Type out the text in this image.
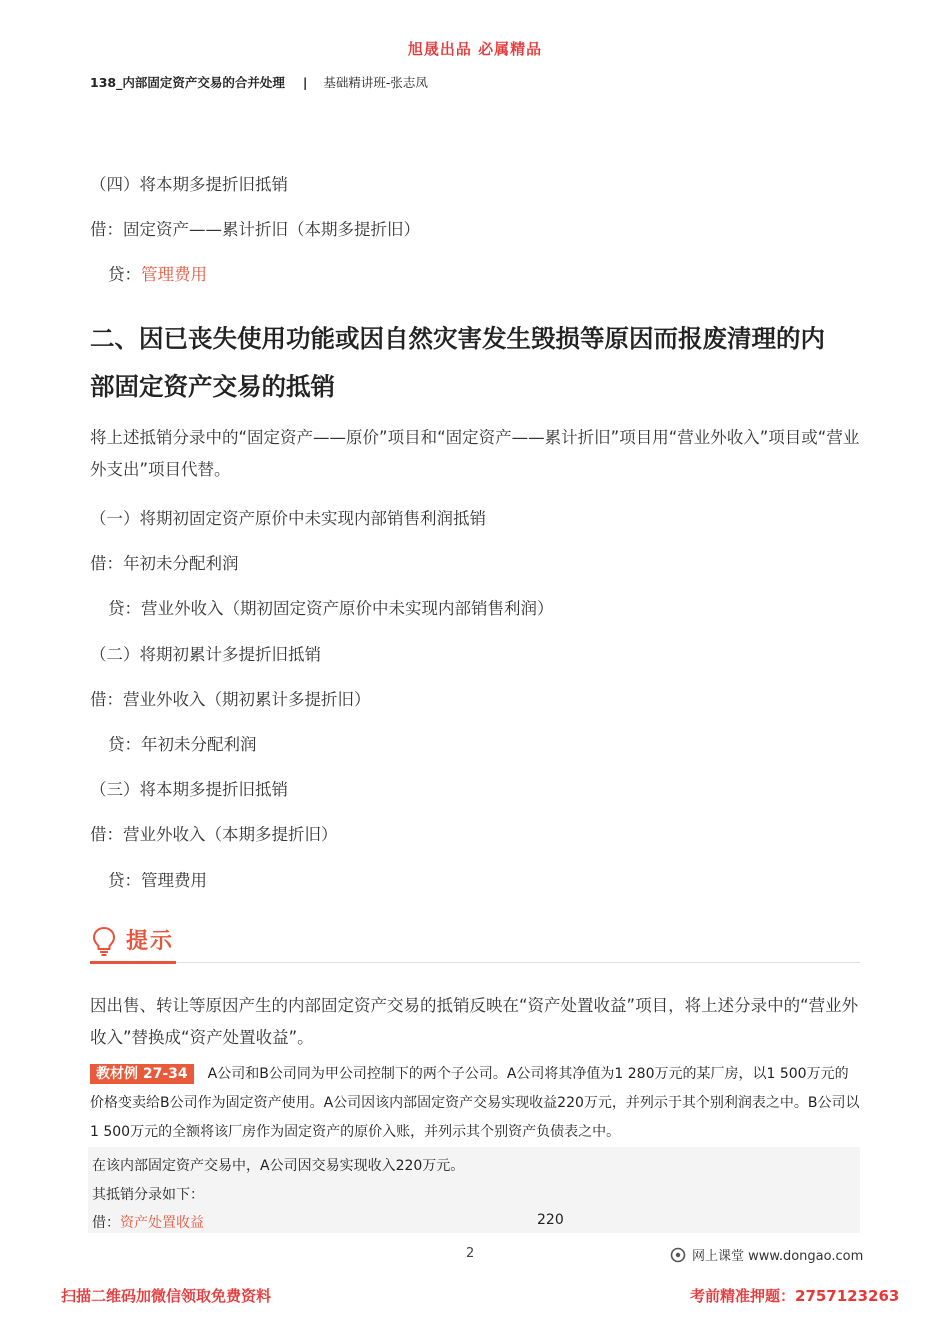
旭晟出品 必属精品
138_内部固定资产交易的合并处理 | 基础精讲班-张志凤
（四）将本期多提折旧抵销
借：固定资产——累计折旧（本期多提折旧）
贷：管理费用
二、因已丧失使用功能或因自然灾害发生毁损等原因而报废清理的内
部固定资产交易的抵销
将上述抵销分录中的“固定资产——原价”项目和“固定资产——累计折旧”项目用“营业外收入”项目或“营业外支出”项目代替。
（一）将期初固定资产原价中未实现内部销售利润抵销
借：年初未分配利润
贷：营业外收入（期初固定资产原价中未实现内部销售利润）
（二）将期初累计多提折旧抵销
借：营业外收入（期初累计多提折旧）
贷：年初未分配利润
（三）将本期多提折旧抵销
借：营业外收入（本期多提折旧）
贷：管理费用
提示
因出售、转让等原因产生的内部固定资产交易的抵销反映在“资产处置收益”项目，将上述分录中的“营业外收入”替换成“资产处置收益”。
教材例 27-34 A公司和B公司同为甲公司控制下的两个子公司。A公司将其净值为1 280万元的某厂房，以1 500万元的价格变卖给B公司作为固定资产使用。A公司因该内部固定资产交易实现收益220万元，并列示于其个别利润表之中。B公司以1 500万元的全额将该厂房作为固定资产的原价入账，并列示其个别资产负债表之中。
在该内部固定资产交易中，A公司因交易实现收入220万元。
其抵销分录如下：
借：资产处置收益	220
2	网上课堂 www.dongao.com
扫描二维码加微信领取免费资料	考前精准押题：2757123263
